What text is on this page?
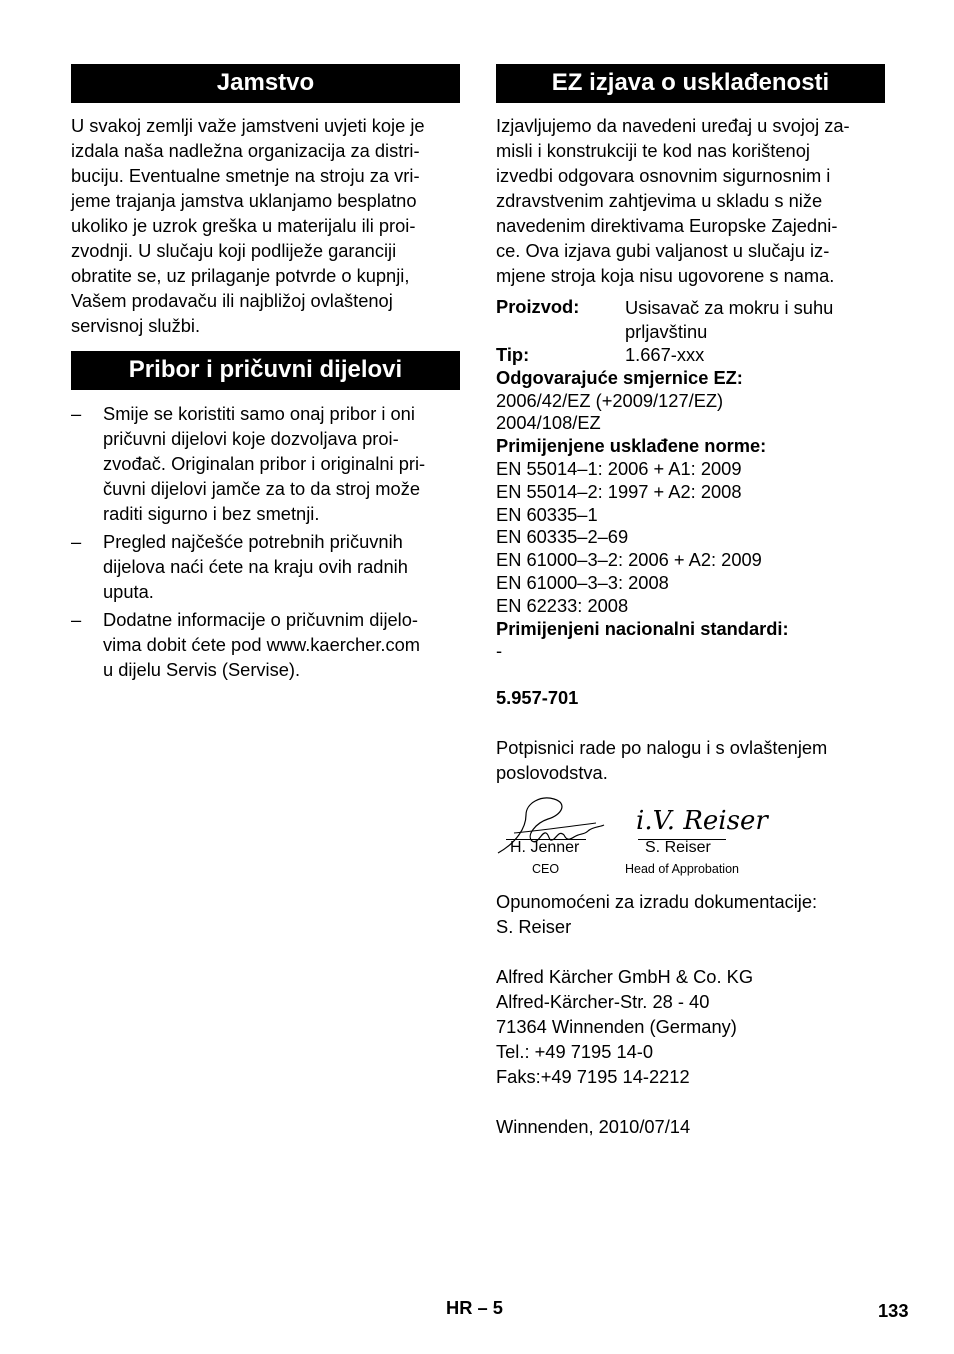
Jamstvo
U svakoj zemlji važe jamstveni uvjeti koje je
izdala naša nadležna organizacija za distri-
buciju. Eventualne smetnje na stroju za vri-
jeme trajanja jamstva uklanjamo besplatno
ukoliko je uzrok greška u materijalu ili proi-
zvodnji. U slučaju koji podliježe garanciji
obratite se, uz prilaganje potvrde o kupnji,
Vašem prodavaču ili najbližoj ovlaštenoj
servisnoj službi.
Pribor i pričuvni dijelovi
– Smije se koristiti samo onaj pribor i oni
pričuvni dijelovi koje dozvoljava proi-
zvođač. Originalan pribor i originalni pri-
čuvni dijelovi jamče za to da stroj može
raditi sigurno i bez smetnji.
– Pregled najčešće potrebnih pričuvnih
dijelova naći ćete na kraju ovih radnih
uputa.
– Dodatne informacije o pričuvnim dijelo-
vima dobit ćete pod www.kaercher.com
u dijelu Servis (Servise).
EZ izjava o usklađenosti
Izjavljujemo da navedeni uređaj u svojoj za-
misli i konstrukciji te kod nas korištenoj
izvedbi odgovara osnovnim sigurnosnim i
zdravstvenim zahtjevima u skladu s niže
navedenim direktivama Europske Zajedni-
ce. Ova izjava gubi valjanost u slučaju iz-
mjene stroja koja nisu ugovorene s nama.
Proizvod:	Usisavač za mokru i suhu
prljavštinu
Tip:	1.667-xxx
Odgovarajuće smjernice EZ:
2006/42/EZ (+2009/127/EZ)
2004/108/EZ
Primijenjene usklađene norme:
EN 55014–1: 2006 + A1: 2009
EN 55014–2: 1997 + A2: 2008
EN 60335–1
EN 60335–2–69
EN 61000–3–2: 2006 + A2: 2009
EN 61000–3–3: 2008
EN 62233: 2008
Primijenjeni nacionalni standardi:
-
5.957-701
Potpisnici rade po nalogu i s ovlaštenjem
poslovodstva.
i.V. Reiser
H. Jenner
CEO
S. Reiser
Head of Approbation
Opunomoćeni za izradu dokumentacije:
S. Reiser
Alfred Kärcher GmbH & Co. KG
Alfred-Kärcher-Str. 28 - 40
71364 Winnenden (Germany)
Tel.: +49 7195 14-0
Faks:+49 7195 14-2212
Winnenden, 2010/07/14
HR – 5	133
